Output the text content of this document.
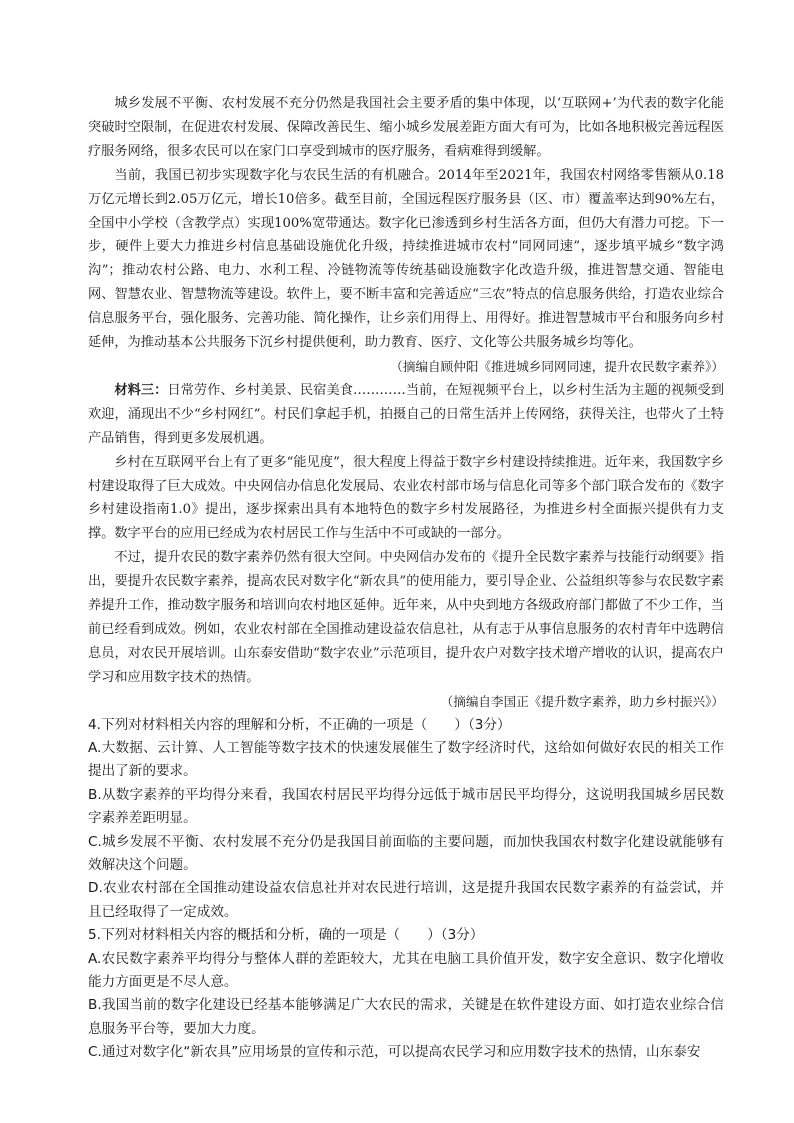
城乡发展不平衡、农村发展不充分仍然是我国社会主要矛盾的集中体现，以‘互联网+’为代表的数字化能突破时空限制，在促进农村发展、保障改善民生、缩小城乡发展差距方面大有可为，比如各地积极完善远程医疗服务网络，很多农民可以在家门口享受到城市的医疗服务，看病难得到缓解。

当前，我国已初步实现数字化与农民生活的有机融合。2014年至2021年，我国农村网络零售额从0.18万亿元增长到2.05万亿元，增长10倍多。截至目前，全国远程医疗服务县（区、市）覆盖率达到90%左右，全国中小学校（含教学点）实现100%宽带通达。数字化已渗透到乡村生活各方面，但仍大有潜力可挖。下一步，硬件上要大力推进乡村信息基础设施优化升级，持续推进城市农村“同网同速”，逐步填平城乡“数字鸿沟”；推动农村公路、电力、水利工程、冷链物流等传统基础设施数字化改造升级，推进智慧交通、智能电网、智慧农业、智慧物流等建设。软件上，要不断丰富和完善适应“三农”特点的信息服务供给，打造农业综合信息服务平台，强化服务、完善功能、简化操作，让乡亲们用得上、用得好。推进智慧城市平台和服务向乡村延伸，为推动基本公共服务下沉乡村提供便利，助力教育、医疗、文化等公共服务城乡均等化。

（摘编自顾仲阳《推进城乡同网同速，提升农民数字素养》）

材料三：日常劳作、乡村美景、民宿美食…………当前，在短视频平台上，以乡村生活为主题的视频受到欢迎，涌现出不少“乡村网红”。村民们拿起手机，拍摄自己的日常生活并上传网络，获得关注，也带火了土特产品销售，得到更多发展机遇。

乡村在互联网平台上有了更多“能见度”，很大程度上得益于数字乡村建设持续推进。近年来，我国数字乡村建设取得了巨大成效。中央网信办信息化发展局、农业农村部市场与信息化司等多个部门联合发布的《数字乡村建设指南1.0》提出，逐步探索出具有本地特色的数字乡村发展路径，为推进乡村全面振兴提供有力支撑。数字平台的应用已经成为农村居民工作与生活中不可或缺的一部分。

不过，提升农民的数字素养仍然有很大空间。中央网信办发布的《提升全民数字素养与技能行动纲要》指出，要提升农民数字素养，提高农民对数字化“新农具”的使用能力，要引导企业、公益组织等参与农民数字素养提升工作，推动数字服务和培训向农村地区延伸。近年来，从中央到地方各级政府部门都做了不少工作，当前已经看到成效。例如，农业农村部在全国推动建设益农信息社，从有志于从事信息服务的农村青年中选聘信息员，对农民开展培训。山东泰安借助“数字农业”示范项目，提升农户对数字技术增产增收的认识，提高农户学习和应用数字技术的热情。

（摘编自李国正《提升数字素养，助力乡村振兴》）

4.下列对材料相关内容的理解和分析，不正确的一项是（　　）（3分）

A.大数据、云计算、人工智能等数字技术的快速发展催生了数字经济时代，这给如何做好农民的相关工作提出了新的要求。

B.从数字素养的平均得分来看，我国农村居民平均得分远低于城市居民平均得分，这说明我国城乡居民数字素养差距明显。

C.城乡发展不平衡、农村发展不充分仍是我国目前面临的主要问题，而加快我国农村数字化建设就能够有效解决这个问题。

D.农业农村部在全国推动建设益农信息社并对农民进行培训，这是提升我国农民数字素养的有益尝试，并且已经取得了一定成效。

5.下列对材料相关内容的概括和分析，确的一项是（　　）（3分）

A.农民数字素养平均得分与整体人群的差距较大，尤其在电脑工具价值开发，数字安全意识、数字化增收能力方面更是不尽人意。

B.我国当前的数字化建设已经基本能够满足广大农民的需求，关键是在软件建设方面、如打造农业综合信息服务平台等，要加大力度。

C.通过对数字化“新农具”应用场景的宣传和示范，可以提高农民学习和应用数字技术的热情，山东泰安
